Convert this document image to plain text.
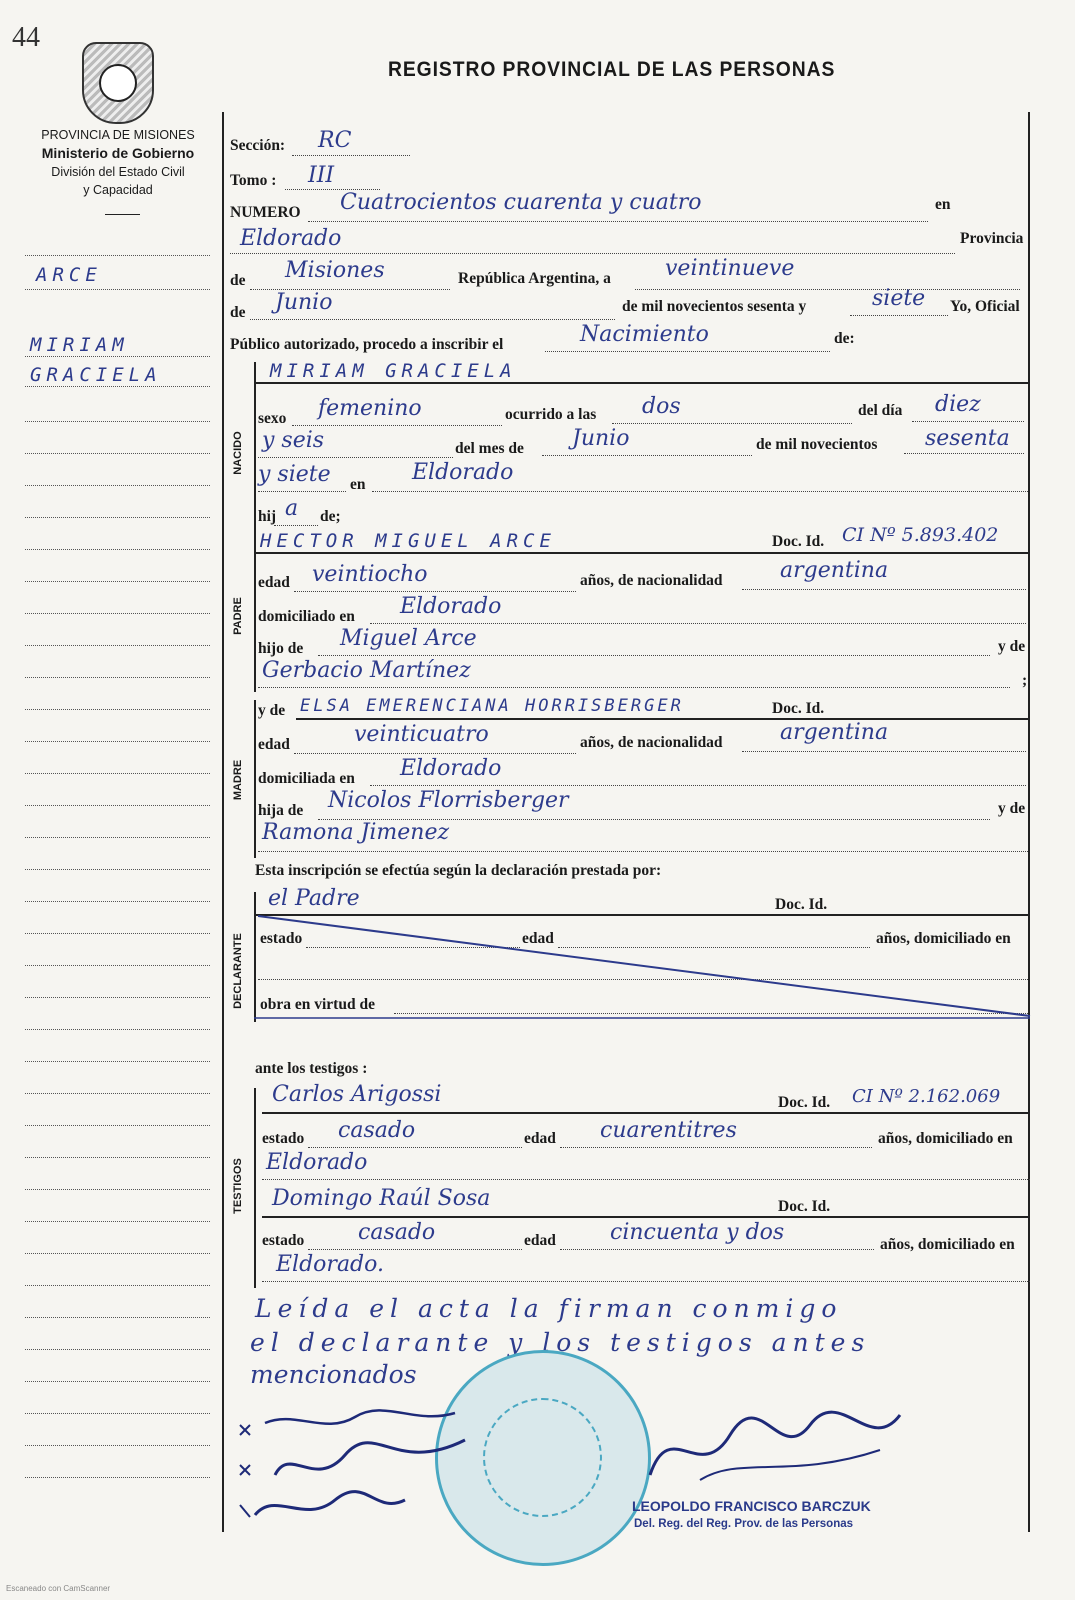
44
REGISTRO PROVINCIAL DE LAS PERSONAS
PROVINCIA DE MISIONES
Ministerio de Gobierno
División del Estado Civil
y Capacidad
ARCE
MIRIAM
GRACIELA
Sección: RC
Tomo : III
NUMERO Cuatrocientos cuarenta y cuatro	en
Eldorado	Provincia
de Misiones	República Argentina, a veintinueve
de Junio	de mil novecientos sesenta y	siete Yo, Oficial
Público autorizado, procedo a inscribir el	Nacimiento	de:
NACIDO
MIRIAM GRACIELA
sexo femenino	ocurrido a las dos	del día diez
y seis	del mes de Junio	de mil novecientos sesenta
y siete en Eldorado
hij a de;
PADRE
HECTOR MIGUEL ARCE	Doc. Id. CI Nº 5.893.402
edad veintiocho	años, de nacionalidad	argentina
domiciliado en Eldorado
hijo de Miguel Arce	y de
Gerbacio Martínez	;
MADRE
y de ELSA EMERENCIANA HORRISBERGER	Doc. Id.
edad	veinticuatro	años, de nacionalidad	argentina
domiciliada en Eldorado
hija de Nicolos Florrisberger	y de
Ramona Jimenez
Esta inscripción se efectúa según la declaración prestada por:
DECLARANTE
el Padre	Doc. Id.
estado	edad	años, domiciliado en
obra en virtud de
ante los testigos :
TESTIGOS
Carlos Arigossi	Doc. Id. CI Nº 2.162.069
estado casado	edad cuarentitres	años, domiciliado en
Eldorado
Domingo Raúl Sosa	Doc. Id.
estado casado	edad cincuenta y dos	años, domiciliado en
Eldorado.
Leída el acta la firman conmigo
el declarante y los testigos antes
mencionados
LEOPOLDO FRANCISCO BARCZUK
Del. Reg. del Reg. Prov. de las Personas
Escaneado con CamScanner
